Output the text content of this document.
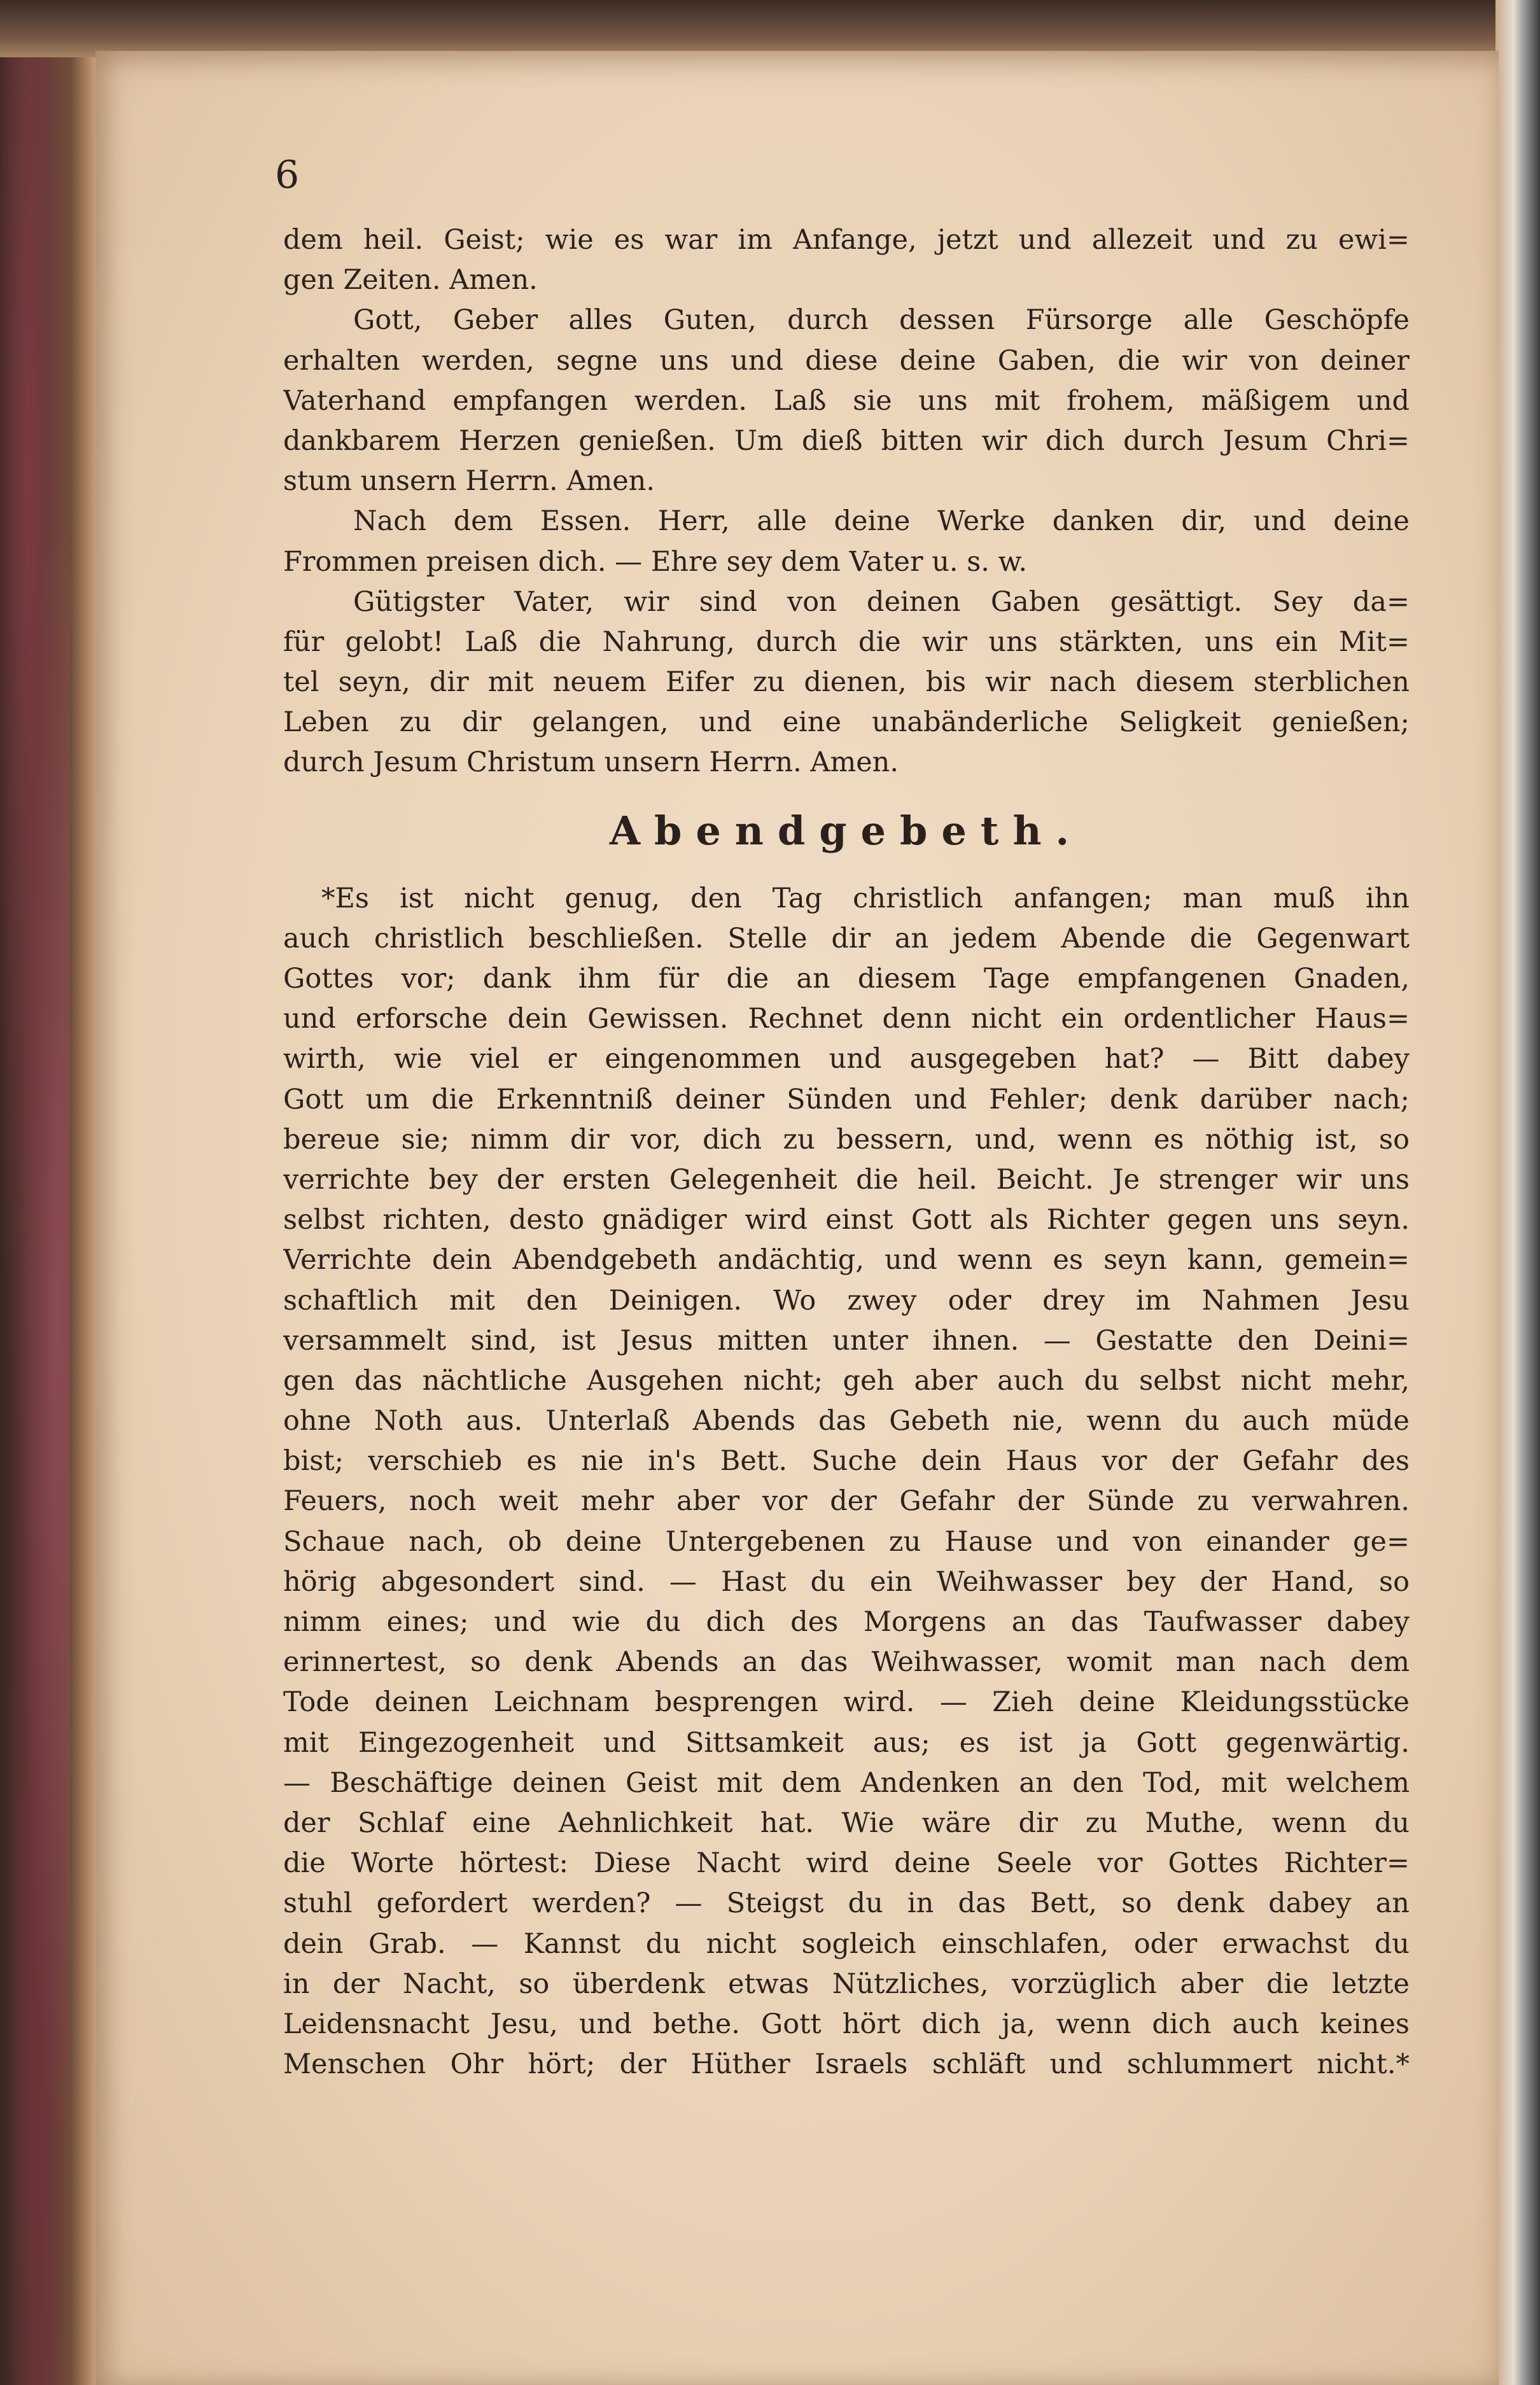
6
dem heil. Geist; wie es war im Anfange, jetzt und allezeit und zu ewi=
gen Zeiten. Amen.
Gott, Geber alles Guten, durch dessen Fürsorge alle Geschöpfe
erhalten werden, segne uns und diese deine Gaben, die wir von deiner
Vaterhand empfangen werden. Laß sie uns mit frohem, mäßigem und
dankbarem Herzen genießen. Um dieß bitten wir dich durch Jesum Chri=
stum unsern Herrn. Amen.
Nach dem Essen. Herr, alle deine Werke danken dir, und deine
Frommen preisen dich. — Ehre sey dem Vater u. s. w.
Gütigster Vater, wir sind von deinen Gaben gesättigt. Sey da=
für gelobt! Laß die Nahrung, durch die wir uns stärkten, uns ein Mit=
tel seyn, dir mit neuem Eifer zu dienen, bis wir nach diesem sterblichen
Leben zu dir gelangen, und eine unabänderliche Seligkeit genießen;
durch Jesum Christum unsern Herrn. Amen.
Abendgebeth.
*Es ist nicht genug, den Tag christlich anfangen; man muß ihn
auch christlich beschließen. Stelle dir an jedem Abende die Gegenwart
Gottes vor; dank ihm für die an diesem Tage empfangenen Gnaden,
und erforsche dein Gewissen. Rechnet denn nicht ein ordentlicher Haus=
wirth, wie viel er eingenommen und ausgegeben hat? — Bitt dabey
Gott um die Erkenntniß deiner Sünden und Fehler; denk darüber nach;
bereue sie; nimm dir vor, dich zu bessern, und, wenn es nöthig ist, so
verrichte bey der ersten Gelegenheit die heil. Beicht. Je strenger wir uns
selbst richten, desto gnädiger wird einst Gott als Richter gegen uns seyn.
Verrichte dein Abendgebeth andächtig, und wenn es seyn kann, gemein=
schaftlich mit den Deinigen. Wo zwey oder drey im Nahmen Jesu
versammelt sind, ist Jesus mitten unter ihnen. — Gestatte den Deini=
gen das nächtliche Ausgehen nicht; geh aber auch du selbst nicht mehr,
ohne Noth aus. Unterlaß Abends das Gebeth nie, wenn du auch müde
bist; verschieb es nie in's Bett. Suche dein Haus vor der Gefahr des
Feuers, noch weit mehr aber vor der Gefahr der Sünde zu verwahren.
Schaue nach, ob deine Untergebenen zu Hause und von einander ge=
hörig abgesondert sind. — Hast du ein Weihwasser bey der Hand, so
nimm eines; und wie du dich des Morgens an das Taufwasser dabey
erinnertest, so denk Abends an das Weihwasser, womit man nach dem
Tode deinen Leichnam besprengen wird. — Zieh deine Kleidungsstücke
mit Eingezogenheit und Sittsamkeit aus; es ist ja Gott gegenwärtig.
— Beschäftige deinen Geist mit dem Andenken an den Tod, mit welchem
der Schlaf eine Aehnlichkeit hat. Wie wäre dir zu Muthe, wenn du
die Worte hörtest: Diese Nacht wird deine Seele vor Gottes Richter=
stuhl gefordert werden? — Steigst du in das Bett, so denk dabey an
dein Grab. — Kannst du nicht sogleich einschlafen, oder erwachst du
in der Nacht, so überdenk etwas Nützliches, vorzüglich aber die letzte
Leidensnacht Jesu, und bethe. Gott hört dich ja, wenn dich auch keines
Menschen Ohr hört; der Hüther Israels schläft und schlummert nicht.*
